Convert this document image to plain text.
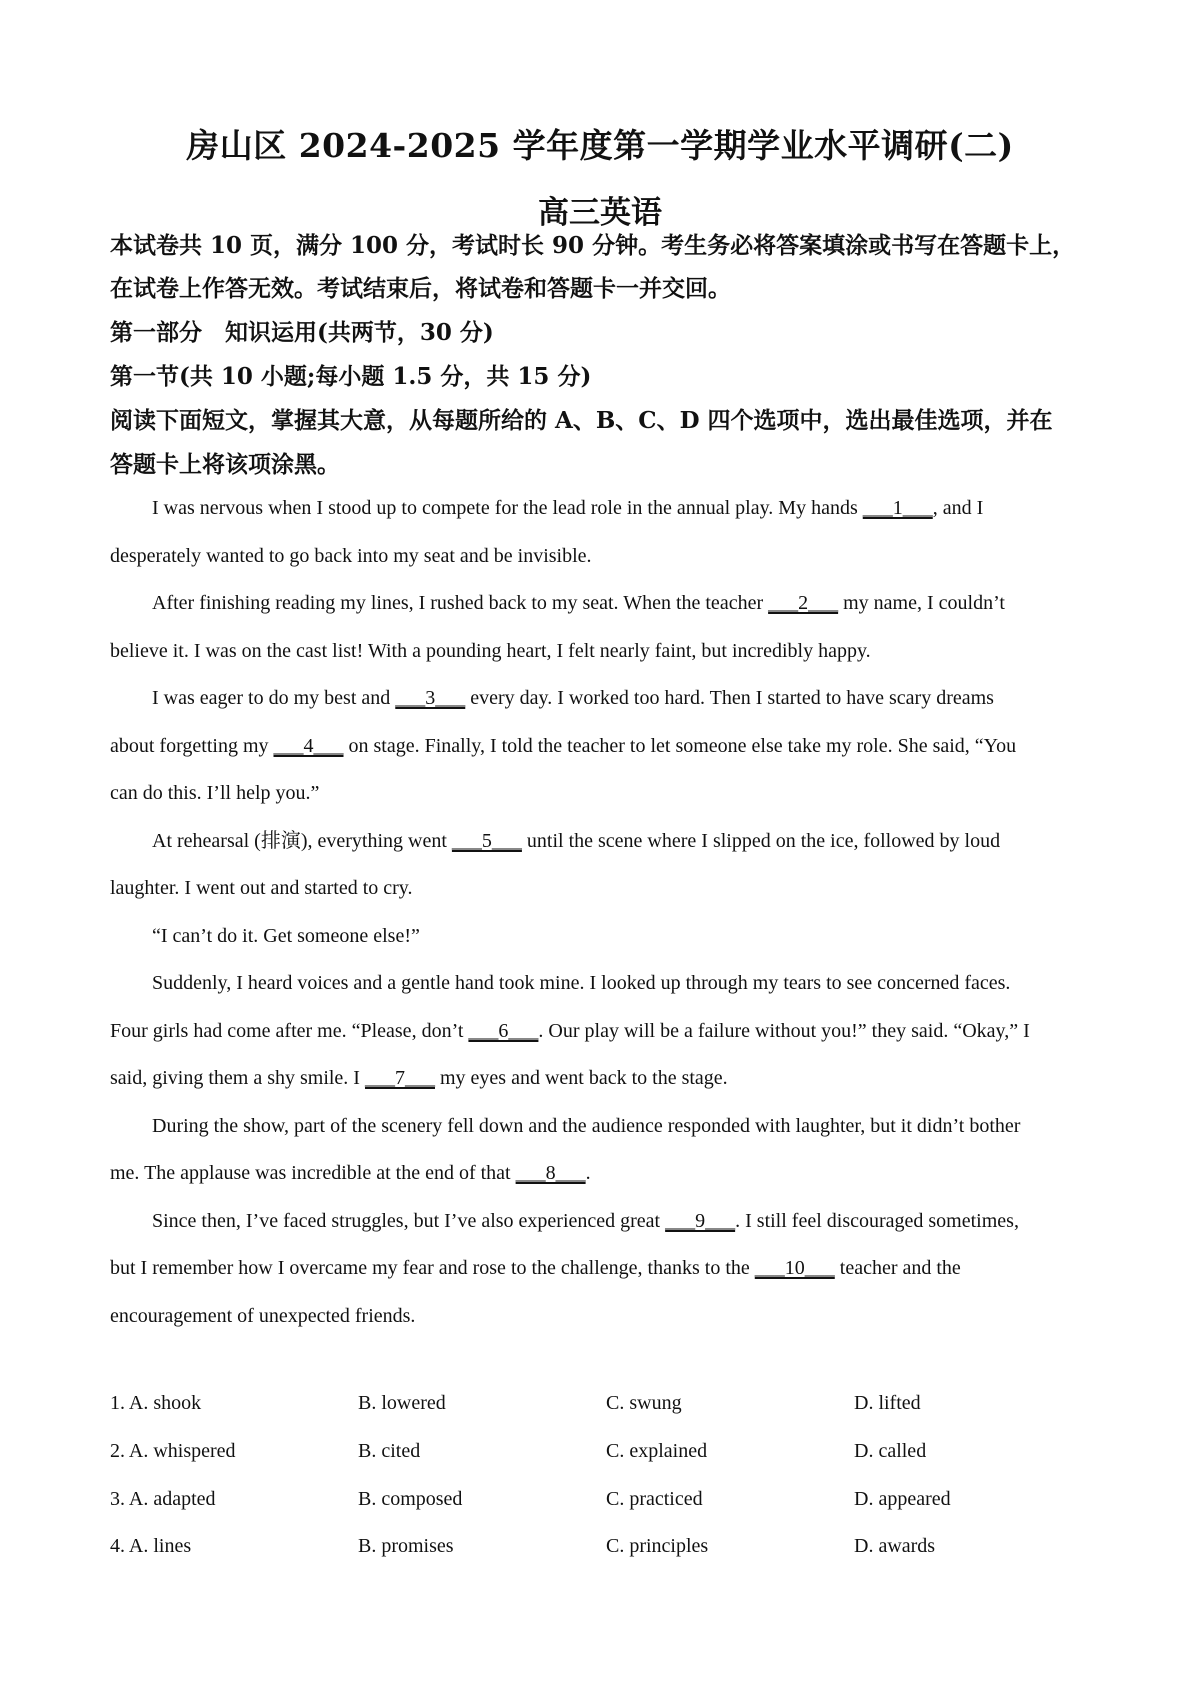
房山区 2024-2025 学年度第一学期学业水平调研(二)
高三英语
本试卷共 10 页，满分 100 分，考试时长 90 分钟。考生务必将答案填涂或书写在答题卡上，
在试卷上作答无效。考试结束后，将试卷和答题卡一并交回。
第一部分　知识运用(共两节，30 分)
第一节(共 10 小题;每小题 1.5 分，共 15 分)
阅读下面短文，掌握其大意，从每题所给的 A、B、C、D 四个选项中，选出最佳选项，并在
答题卡上将该项涂黑。
I was nervous when I stood up to compete for the lead role in the annual play. My hands ___1___, and I
desperately wanted to go back into my seat and be invisible.
After finishing reading my lines, I rushed back to my seat. When the teacher ___2___ my name, I couldn’t
believe it. I was on the cast list! With a pounding heart, I felt nearly faint, but incredibly happy.
I was eager to do my best and ___3___ every day. I worked too hard. Then I started to have scary dreams
about forgetting my ___4___ on stage. Finally, I told the teacher to let someone else take my role. She said, “You
can do this. I’ll help you.”
At rehearsal (排演), everything went ___5___ until the scene where I slipped on the ice, followed by loud
laughter. I went out and started to cry.
“I can’t do it. Get someone else!”
Suddenly, I heard voices and a gentle hand took mine. I looked up through my tears to see concerned faces.
Four girls had come after me. “Please, don’t ___6___. Our play will be a failure without you!” they said. “Okay,” I
said, giving them a shy smile. I ___7___ my eyes and went back to the stage.
During the show, part of the scenery fell down and the audience responded with laughter, but it didn’t bother
me. The applause was incredible at the end of that ___8___.
Since then, I’ve faced struggles, but I’ve also experienced great ___9___. I still feel discouraged sometimes,
but I remember how I overcame my fear and rose to the challenge, thanks to the ___10___ teacher and the
encouragement of unexpected friends.
1. A. shook	B. lowered	C. swung	D. lifted
2. A. whispered	B. cited	C. explained	D. called
3. A. adapted	B. composed	C. practiced	D. appeared
4. A. lines	B. promises	C. principles	D. awards
